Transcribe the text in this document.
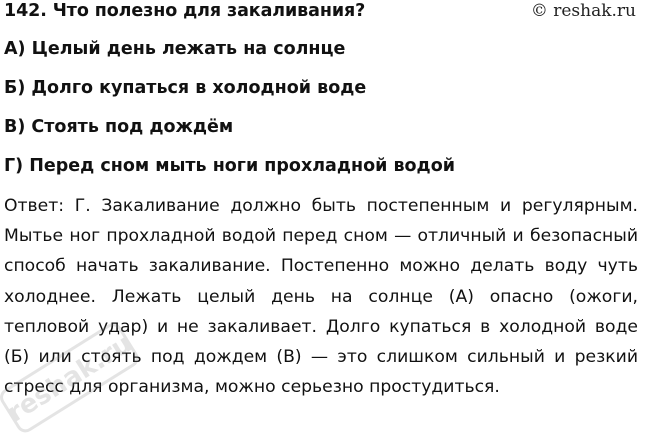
142. Что полезно для закаливания?	© reshak.ru
А) Целый день лежать на солнце
Б) Долго купаться в холодной воде
В) Стоять под дождём
Г) Перед сном мыть ноги прохладной водой

Ответ: Г. Закаливание должно быть постепенным и регулярным. Мытье ног прохладной водой перед сном — отличный и безопасный способ начать закаливание. Постепенно можно делать воду чуть холоднее. Лежать целый день на солнце (А) опасно (ожоги, тепловой удар) и не закаливает. Долго купаться в холодной воде (Б) или стоять под дождем (В) — это слишком сильный и резкий стресс для организма, можно серьезно простудиться.

reshak.ru
